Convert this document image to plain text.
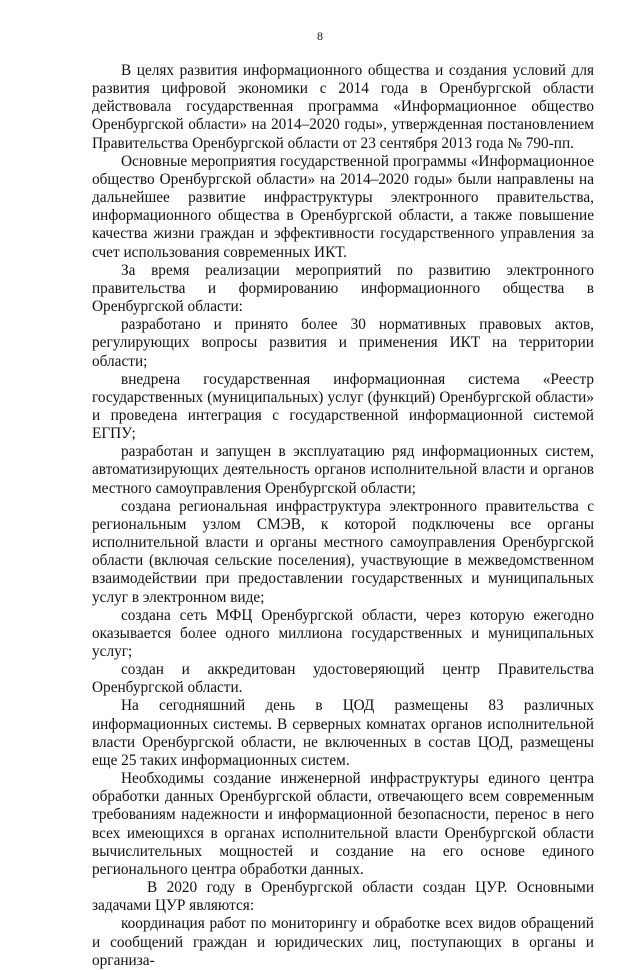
8

В целях развития информационного общества и создания условий для развития цифровой экономики с 2014 года в Оренбургской области действовала государственная программа «Информационное общество Оренбургской области» на 2014–2020 годы», утвержденная постановлением Правительства Оренбургской области от 23 сентября 2013 года № 790-пп.

Основные мероприятия государственной программы «Информационное общество Оренбургской области» на 2014–2020 годы» были направлены на дальнейшее развитие инфраструктуры электронного правительства, информационного общества в Оренбургской области, а также повышение качества жизни граждан и эффективности государственного управления за счет использования современных ИКТ.

За время реализации мероприятий по развитию электронного правительства и формированию информационного общества в Оренбургской области:

разработано и принято более 30 нормативных правовых актов, регулирующих вопросы развития и применения ИКТ на территории области;

внедрена государственная информационная система «Реестр государственных (муниципальных) услуг (функций) Оренбургской области» и проведена интеграция с государственной информационной системой ЕГПУ;

разработан и запущен в эксплуатацию ряд информационных систем, автоматизирующих деятельность органов исполнительной власти и органов местного самоуправления Оренбургской области;

создана региональная инфраструктура электронного правительства с региональным узлом СМЭВ, к которой подключены все органы исполнительной власти и органы местного самоуправления Оренбургской области (включая сельские поселения), участвующие в межведомственном взаимодействии при предоставлении государственных и муниципальных услуг в электронном виде;

создана сеть МФЦ Оренбургской области, через которую ежегодно оказывается более одного миллиона государственных и муниципальных услуг;

создан и аккредитован удостоверяющий центр Правительства Оренбургской области.

На сегодняшний день в ЦОД размещены 83 различных информационных системы. В серверных комнатах органов исполнительной власти Оренбургской области, не включенных в состав ЦОД, размещены еще 25 таких информационных систем.

Необходимы создание инженерной инфраструктуры единого центра обработки данных Оренбургской области, отвечающего всем современным требованиям надежности и информационной безопасности, перенос в него всех имеющихся в органах исполнительной власти Оренбургской области вычислительных мощностей и создание на его основе единого регионального центра обработки данных.

В 2020 году в Оренбургской области создан ЦУР. Основными задачами ЦУР являются:

координация работ по мониторингу и обработке всех видов обращений и сообщений граждан и юридических лиц, поступающих в органы и организа-
